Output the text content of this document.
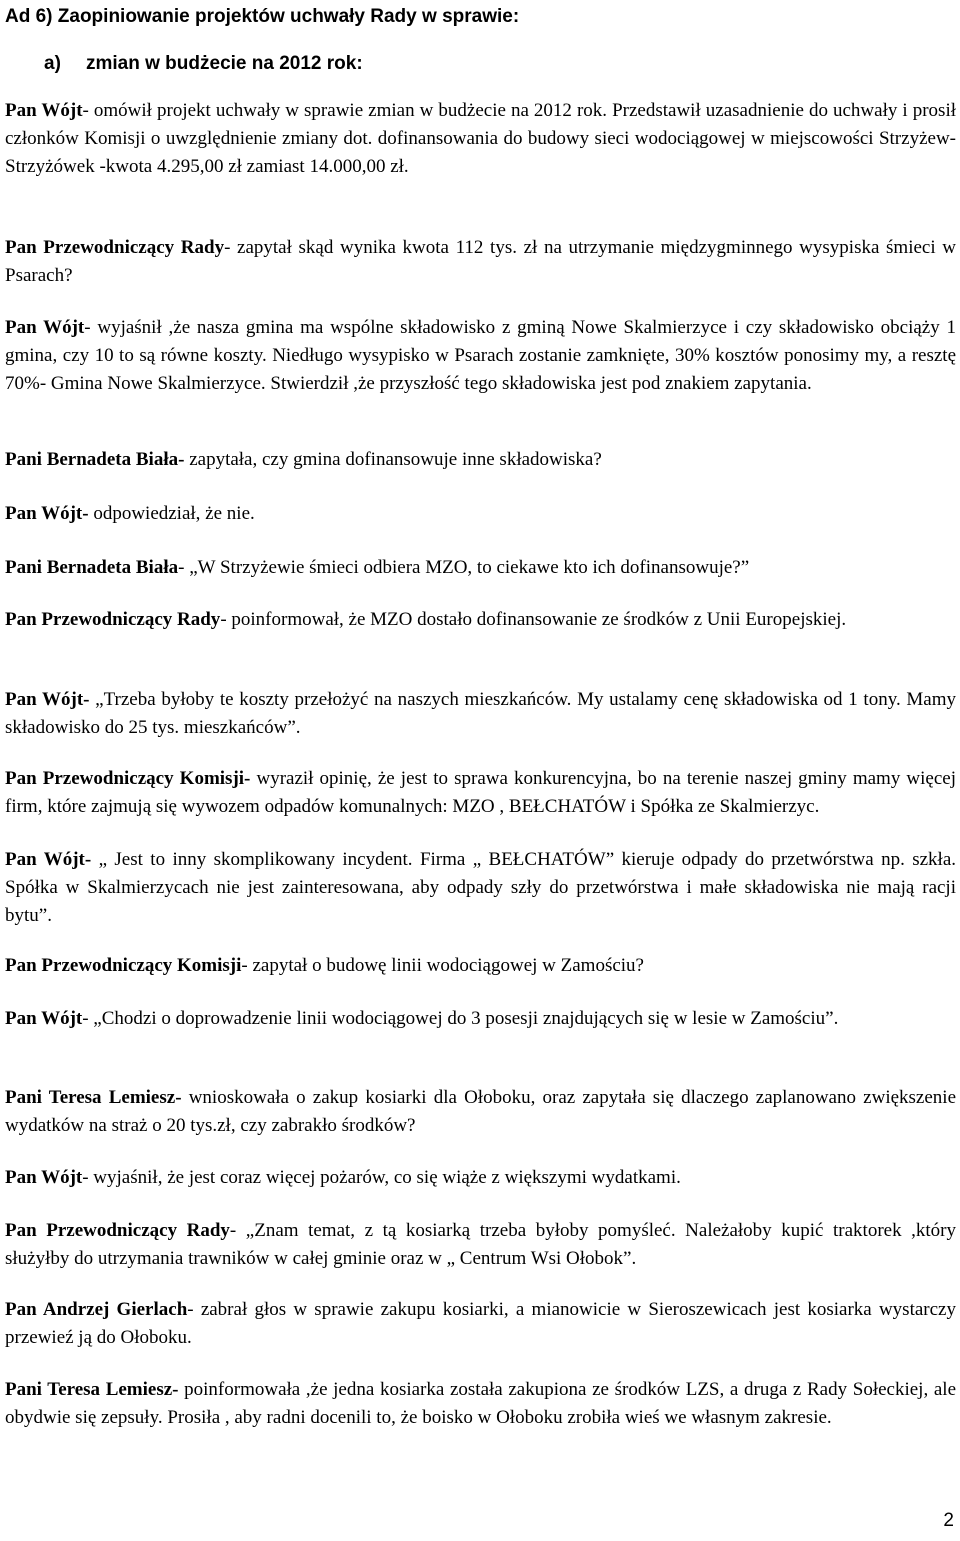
Ad 6) Zaopiniowanie projektów uchwały Rady w sprawie:
a) zmian w budżecie na 2012 rok:
Pan Wójt- omówił projekt uchwały w sprawie zmian w budżecie na 2012 rok. Przedstawił uzasadnienie do uchwały i prosił członków Komisji o uwzględnienie zmiany dot. dofinansowania do budowy sieci wodociągowej w miejscowości Strzyżew- Strzyżówek -kwota 4.295,00 zł zamiast 14.000,00 zł.
Pan Przewodniczący Rady- zapytał skąd wynika kwota 112 tys. zł na utrzymanie międzygminnego wysypiska śmieci w Psarach?
Pan Wójt- wyjaśnił ,że nasza gmina ma wspólne składowisko z gminą Nowe Skalmierzyce i czy składowisko obciąży 1 gmina, czy 10 to są równe koszty. Niedługo wysypisko w Psarach zostanie zamknięte, 30% kosztów ponosimy my, a resztę 70%- Gmina Nowe Skalmierzyce. Stwierdził ,że przyszłość tego składowiska jest pod znakiem zapytania.
Pani Bernadeta Biała- zapytała, czy gmina dofinansowuje inne składowiska?
Pan Wójt- odpowiedział, że nie.
Pani Bernadeta Biała- „W Strzyżewie śmieci odbiera MZO, to ciekawe kto ich dofinansowuje?”
Pan Przewodniczący Rady- poinformował, że MZO dostało dofinansowanie ze środków z Unii Europejskiej.
Pan Wójt- „Trzeba byłoby te koszty przełożyć na naszych mieszkańców. My ustalamy cenę składowiska od 1 tony. Mamy składowisko do 25 tys. mieszkańców”.
Pan Przewodniczący Komisji- wyraził opinię, że jest to sprawa konkurencyjna, bo na terenie naszej gminy mamy więcej firm, które zajmują się wywozem odpadów komunalnych: MZO , BEŁCHATÓW i Spółka ze Skalmierzyc.
Pan Wójt- „ Jest to inny skomplikowany incydent. Firma „ BEŁCHATÓW” kieruje odpady do przetwórstwa np. szkła. Spółka w Skalmierzycach nie jest zainteresowana, aby odpady szły do przetwórstwa i małe składowiska nie mają racji bytu”.
Pan Przewodniczący Komisji- zapytał o budowę linii wodociągowej w Zamościu?
Pan Wójt- „Chodzi o doprowadzenie linii wodociągowej do 3 posesji znajdujących się w lesie w Zamościu”.
Pani Teresa Lemiesz- wnioskowała o zakup kosiarki dla Ołoboku, oraz zapytała się dlaczego zaplanowano zwiększenie wydatków na straż o 20 tys.zł, czy zabrakło środków?
Pan Wójt- wyjaśnił, że jest coraz więcej pożarów, co się wiąże z większymi wydatkami.
Pan Przewodniczący Rady- „Znam temat, z tą kosiarką trzeba byłoby pomyśleć. Należałoby kupić traktorek ,który służyłby do utrzymania trawników w całej gminie oraz w „ Centrum Wsi Ołobok”.
Pan Andrzej Gierlach- zabrał głos w sprawie zakupu kosiarki, a mianowicie w Sieroszewicach jest kosiarka wystarczy przewieź ją do Ołoboku.
Pani Teresa Lemiesz- poinformowała ,że jedna kosiarka została zakupiona ze środków LZS, a druga z Rady Sołeckiej, ale obydwie się zepsuły. Prosiła , aby radni docenili to, że boisko w Ołoboku zrobiła wieś we własnym zakresie.
2
